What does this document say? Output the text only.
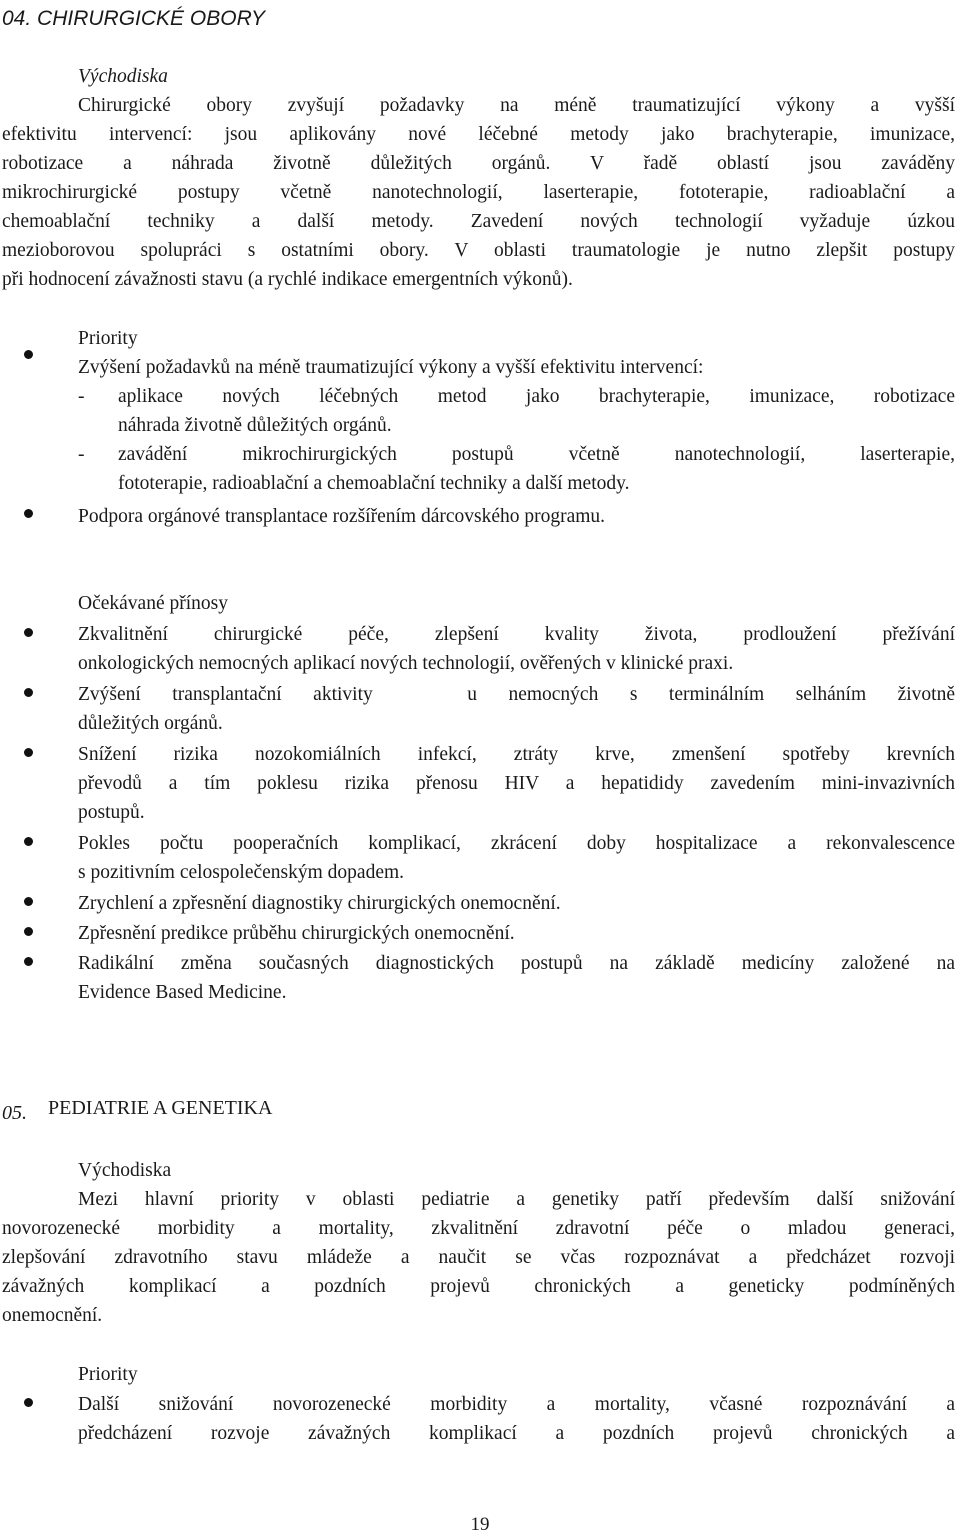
04. CHIRURGICKÉ OBORY
Východiska
Chirurgické obory zvyšují požadavky na méně traumatizující výkony a vyšší
efektivitu intervencí: jsou aplikovány nové léčebné metody jako brachyterapie, imunizace,
robotizace a náhrada životně důležitých orgánů. V řadě oblastí jsou zaváděny
mikrochirurgické postupy včetně nanotechnologií, laserterapie, fototerapie, radioablační a
chemoablační techniky a další metody. Zavedení nových technologií vyžaduje úzkou
mezioborovou spolupráci s ostatními obory. V oblasti traumatologie je nutno zlepšit postupy
při hodnocení závažnosti stavu (a rychlé indikace emergentních výkonů).
Priority
Zvýšení požadavků na méně traumatizující výkony a vyšší efektivitu intervencí:
- aplikace nových léčebných metod jako brachyterapie, imunizace, robotizace
náhrada životně důležitých orgánů.
- zavádění mikrochirurgických postupů včetně nanotechnologií, laserterapie,
fototerapie, radioablační a chemoablační techniky a další metody.
Podpora orgánové transplantace rozšířením dárcovského programu.
Očekávané přínosy
Zkvalitnění chirurgické péče, zlepšení kvality života, prodloužení přežívání
onkologických nemocných aplikací nových technologií, ověřených v klinické praxi.
Zvýšení transplantační aktivity   u nemocných s terminálním selháním životně
důležitých orgánů.
Snížení rizika nozokomiálních infekcí, ztráty krve, zmenšení spotřeby krevních
převodů a tím poklesu rizika přenosu HIV a hepatididy zavedením mini-invazivních
postupů.
Pokles počtu pooperačních komplikací, zkrácení doby hospitalizace a rekonvalescence
s pozitivním celospolečenským dopadem.
Zrychlení a zpřesnění diagnostiky chirurgických onemocnění.
Zpřesnění predikce průběhu chirurgických onemocnění.
Radikální změna současných diagnostických postupů na základě medicíny založené na
Evidence Based Medicine.
05. PEDIATRIE A GENETIKA
Východiska
Mezi hlavní priority v oblasti pediatrie a genetiky patří především další snižování
novorozenecké morbidity a mortality, zkvalitnění zdravotní péče o mladou generaci,
zlepšování zdravotního stavu mládeže a naučit se včas rozpoznávat a předcházet rozvoji
závažných komplikací a pozdních projevů chronických a geneticky podmíněných
onemocnění.
Priority
Další snižování novorozenecké morbidity a mortality, včasné rozpoznávání a
předcházení rozvoje závažných komplikací a pozdních projevů chronických a
19
